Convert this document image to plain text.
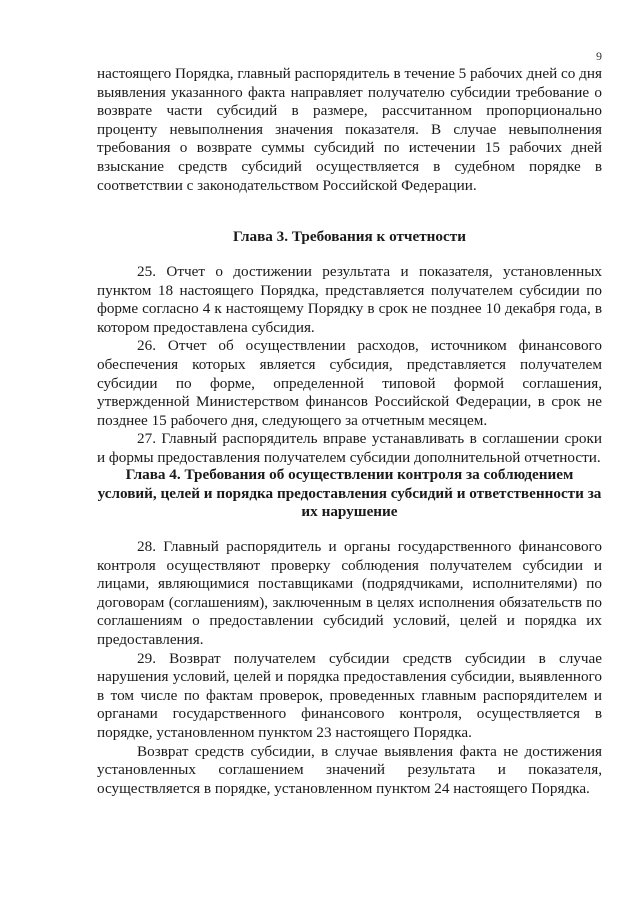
9

настоящего Порядка, главный распорядитель в течение 5 рабочих дней со дня выявления указанного факта направляет получателю субсидии требование о возврате части субсидий в размере, рассчитанном пропорционально проценту невыполнения значения показателя. В случае невыполнения требования о возврате суммы субсидий по истечении 15 рабочих дней взыскание средств субсидий осуществляется в судебном порядке в соответствии с законодательством Российской Федерации.

Глава 3. Требования к отчетности

25. Отчет о достижении результата и показателя, установленных пунктом 18 настоящего Порядка, представляется получателем субсидии по форме согласно 4 к настоящему Порядку в срок не позднее 10 декабря года, в котором предоставлена субсидия.

26. Отчет об осуществлении расходов, источником финансового обеспечения которых является субсидия, представляется получателем субсидии по форме, определенной типовой формой соглашения, утвержденной Министерством финансов Российской Федерации, в срок не позднее 15 рабочего дня, следующего за отчетным месяцем.

27. Главный распорядитель вправе устанавливать в соглашении сроки и формы предоставления получателем субсидии дополнительной отчетности.

Глава 4. Требования об осуществлении контроля за соблюдением условий, целей и порядка предоставления субсидий и ответственности за их нарушение

28. Главный распорядитель и органы государственного финансового контроля осуществляют проверку соблюдения получателем субсидии и лицами, являющимися поставщиками (подрядчиками, исполнителями) по договорам (соглашениям), заключенным в целях исполнения обязательств по соглашениям о предоставлении субсидий условий, целей и порядка их предоставления.

29. Возврат получателем субсидии средств субсидии в случае нарушения условий, целей и порядка предоставления субсидии, выявленного в том числе по фактам проверок, проведенных главным распорядителем и органами государственного финансового контроля, осуществляется в порядке, установленном пунктом 23 настоящего Порядка.

Возврат средств субсидии, в случае выявления факта не достижения установленных соглашением значений результата и показателя, осуществляется в порядке, установленном пунктом 24 настоящего Порядка.
